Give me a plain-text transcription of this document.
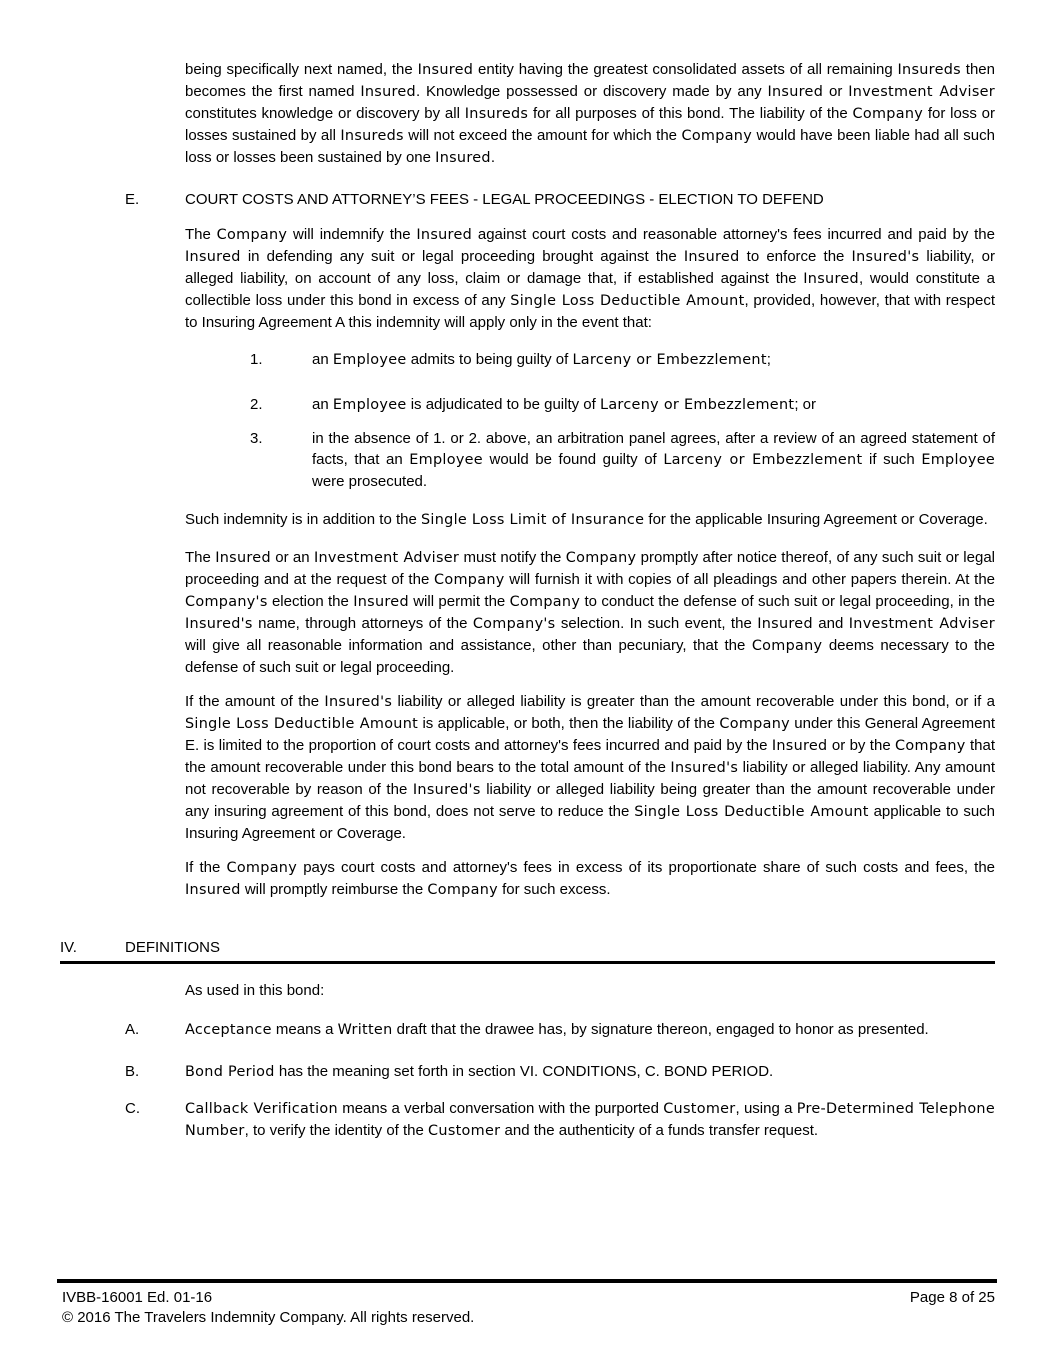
being specifically next named, the Insured entity having the greatest consolidated assets of all remaining Insureds then becomes the first named Insured. Knowledge possessed or discovery made by any Insured or Investment Adviser constitutes knowledge or discovery by all Insureds for all purposes of this bond. The liability of the Company for loss or losses sustained by all Insureds will not exceed the amount for which the Company would have been liable had all such loss or losses been sustained by one Insured.

E.	COURT COSTS AND ATTORNEY’S FEES - LEGAL PROCEEDINGS - ELECTION TO DEFEND

The Company will indemnify the Insured against court costs and reasonable attorney's fees incurred and paid by the Insured in defending any suit or legal proceeding brought against the Insured to enforce the Insured's liability, or alleged liability, on account of any loss, claim or damage that, if established against the Insured, would constitute a collectible loss under this bond in excess of any Single Loss Deductible Amount, provided, however, that with respect to Insuring Agreement A this indemnity will apply only in the event that:

1.	an Employee admits to being guilty of Larceny or Embezzlement;

2.	an Employee is adjudicated to be guilty of Larceny or Embezzlement; or

3.	in the absence of 1. or 2. above, an arbitration panel agrees, after a review of an agreed statement of facts, that an Employee would be found guilty of Larceny or Embezzlement if such Employee were prosecuted.

Such indemnity is in addition to the Single Loss Limit of Insurance for the applicable Insuring Agreement or Coverage.

The Insured or an Investment Adviser must notify the Company promptly after notice thereof, of any such suit or legal proceeding and at the request of the Company will furnish it with copies of all pleadings and other papers therein. At the Company's election the Insured will permit the Company to conduct the defense of such suit or legal proceeding, in the Insured's name, through attorneys of the Company's selection. In such event, the Insured and Investment Adviser will give all reasonable information and assistance, other than pecuniary, that the Company deems necessary to the defense of such suit or legal proceeding.

If the amount of the Insured's liability or alleged liability is greater than the amount recoverable under this bond, or if a Single Loss Deductible Amount is applicable, or both, then the liability of the Company under this General Agreement E. is limited to the proportion of court costs and attorney's fees incurred and paid by the Insured or by the Company that the amount recoverable under this bond bears to the total amount of the Insured's liability or alleged liability. Any amount not recoverable by reason of the Insured's liability or alleged liability being greater than the amount recoverable under any insuring agreement of this bond, does not serve to reduce the Single Loss Deductible Amount applicable to such Insuring Agreement or Coverage.

If the Company pays court costs and attorney's fees in excess of its proportionate share of such costs and fees, the Insured will promptly reimburse the Company for such excess.

IV.	DEFINITIONS

As used in this bond:

A.	Acceptance means a Written draft that the drawee has, by signature thereon, engaged to honor as presented.

B.	Bond Period has the meaning set forth in section VI. CONDITIONS, C. BOND PERIOD.

C.	Callback Verification means a verbal conversation with the purported Customer, using a Pre-Determined Telephone Number, to verify the identity of the Customer and the authenticity of a funds transfer request.

IVBB-16001 Ed. 01-16	Page 8 of 25
© 2016 The Travelers Indemnity Company. All rights reserved.
